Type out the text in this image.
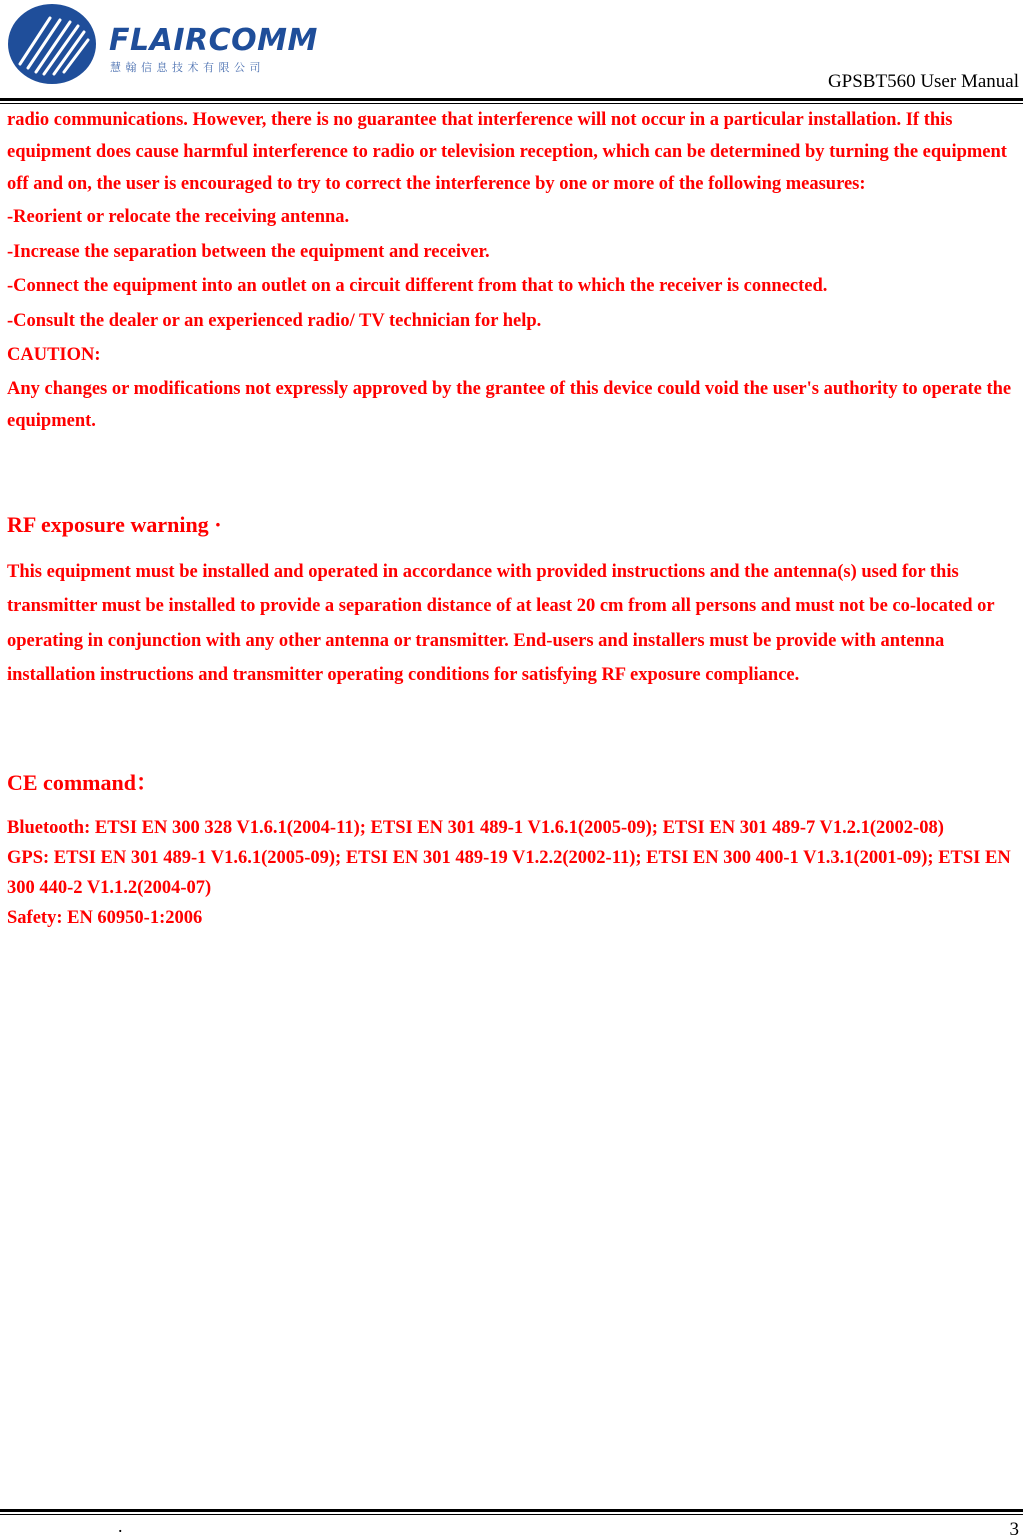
FLAIRCOMM
慧翰信息技术有限公司
GPSBT560 User Manual

radio communications. However, there is no guarantee that interference will not occur in a particular installation. If this equipment does cause harmful interference to radio or television reception, which can be determined by turning the equipment off and on, the user is encouraged to try to correct the interference by one or more of the following measures:

-Reorient or relocate the receiving antenna.

-Increase the separation between the equipment and receiver.

-Connect the equipment into an outlet on a circuit different from that to which the receiver is connected.

-Consult the dealer or an experienced radio/ TV technician for help.

CAUTION:

Any changes or modifications not expressly approved by the grantee of this device could void the user's authority to operate the equipment.

RF exposure warning ·

This equipment must be installed and operated in accordance with provided instructions and the antenna(s) used for this transmitter must be installed to provide a separation distance of at least 20 cm from all persons and must not be co-located or operating in conjunction with any other antenna or transmitter. End-users and installers must be provide with antenna installation instructions and transmitter operating conditions for satisfying RF exposure compliance.

CE command：

Bluetooth: ETSI EN 300 328 V1.6.1(2004-11); ETSI EN 301 489-1 V1.6.1(2005-09); ETSI EN 301 489-7 V1.2.1(2002-08)

GPS: ETSI EN 301 489-1 V1.6.1(2005-09); ETSI EN 301 489-19 V1.2.2(2002-11); ETSI EN 300 400-1 V1.3.1(2001-09); ETSI EN 300 440-2 V1.1.2(2004-07)

Safety: EN 60950-1:2006

.	3
